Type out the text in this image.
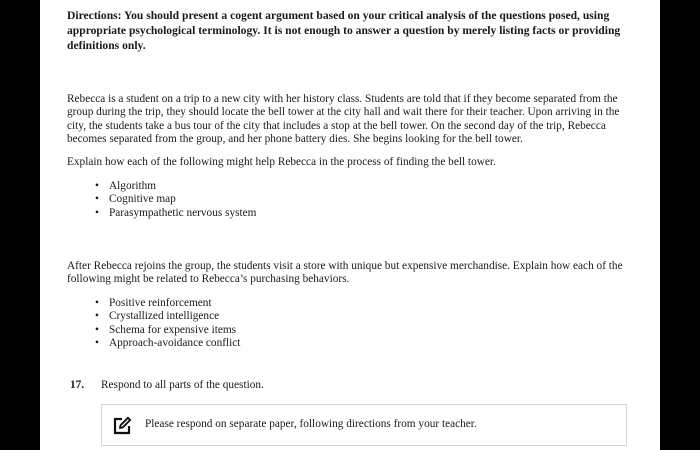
Directions: You should present a cogent argument based on your critical analysis of the questions posed, using appropriate psychological terminology. It is not enough to answer a question by merely listing facts or providing definitions only.
Rebecca is a student on a trip to a new city with her history class. Students are told that if they become separated from the group during the trip, they should locate the bell tower at the city hall and wait there for their teacher. Upon arriving in the city, the students take a bus tour of the city that includes a stop at the bell tower. On the second day of the trip, Rebecca becomes separated from the group, and her phone battery dies. She begins looking for the bell tower.
Explain how each of the following might help Rebecca in the process of finding the bell tower.
• Algorithm
• Cognitive map
• Parasympathetic nervous system
After Rebecca rejoins the group, the students visit a store with unique but expensive merchandise. Explain how each of the following might be related to Rebecca’s purchasing behaviors.
• Positive reinforcement
• Crystallized intelligence
• Schema for expensive items
• Approach-avoidance conflict
17. Respond to all parts of the question.
Please respond on separate paper, following directions from your teacher.
